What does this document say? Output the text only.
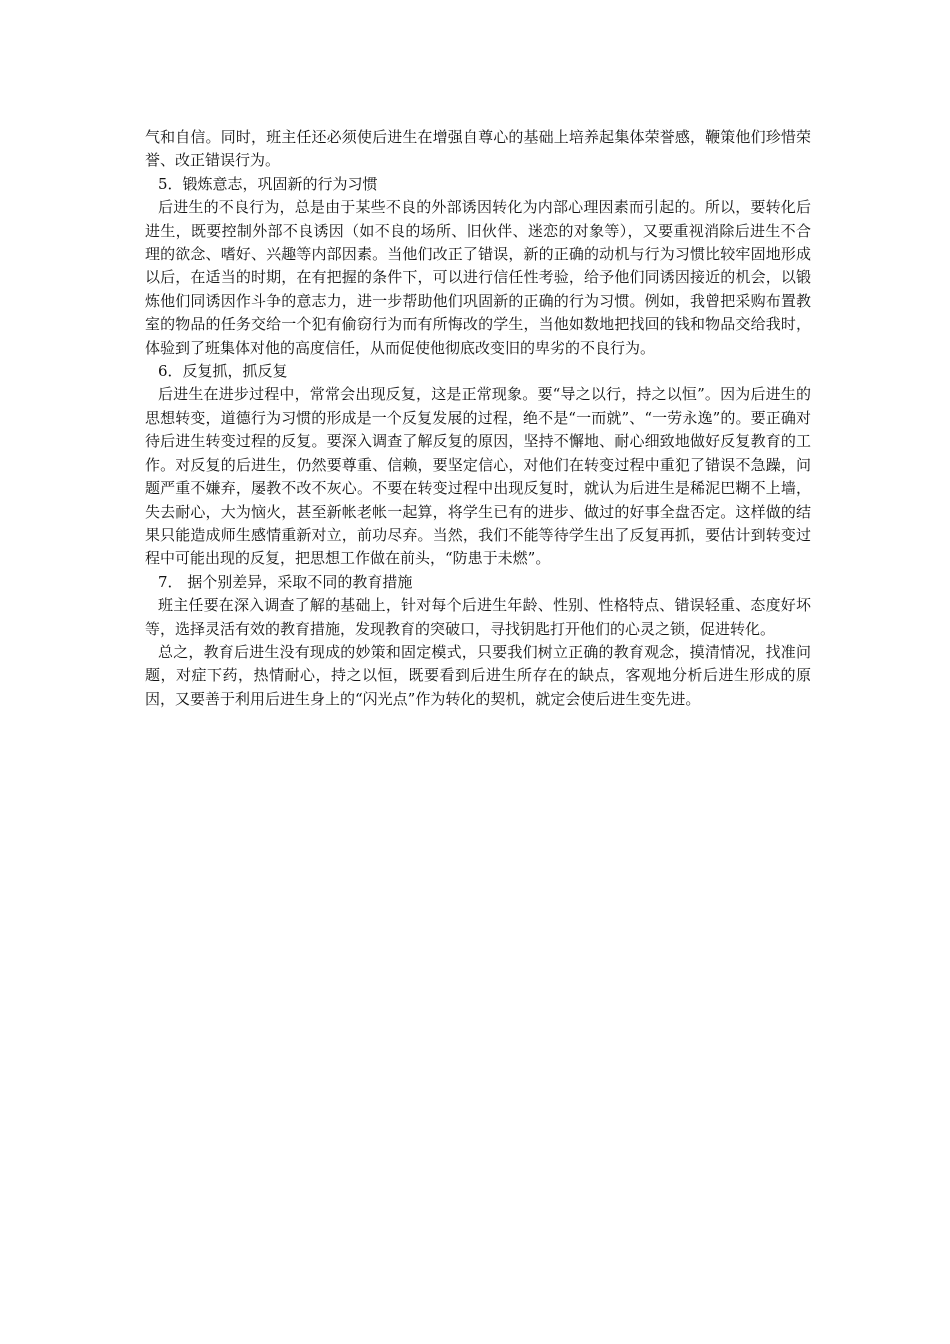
气和自信。同时，班主任还必须使后进生在增强自尊心的基础上培养起集体荣誉感，鞭策他们珍惜荣誉、改正错误行为。

5．锻炼意志，巩固新的行为习惯

后进生的不良行为，总是由于某些不良的外部诱因转化为内部心理因素而引起的。所以，要转化后进生，既要控制外部不良诱因（如不良的场所、旧伙伴、迷恋的对象等），又要重视消除后进生不合理的欲念、嗜好、兴趣等内部因素。当他们改正了错误，新的正确的动机与行为习惯比较牢固地形成以后，在适当的时期，在有把握的条件下，可以进行信任性考验，给予他们同诱因接近的机会，以锻炼他们同诱因作斗争的意志力，进一步帮助他们巩固新的正确的行为习惯。例如，我曾把采购布置教室的物品的任务交给一个犯有偷窃行为而有所悔改的学生，当他如数地把找回的钱和物品交给我时，体验到了班集体对他的高度信任，从而促使他彻底改变旧的卑劣的不良行为。

6．反复抓，抓反复

后进生在进步过程中，常常会出现反复，这是正常现象。要“导之以行，持之以恒”。因为后进生的思想转变，道德行为习惯的形成是一个反复发展的过程，绝不是“一而就”、“一劳永逸”的。要正确对待后进生转变过程的反复。要深入调查了解反复的原因，坚持不懈地、耐心细致地做好反复教育的工作。对反复的后进生，仍然要尊重、信赖，要坚定信心，对他们在转变过程中重犯了错误不急躁，问题严重不嫌弃，屡教不改不灰心。不要在转变过程中出现反复时，就认为后进生是稀泥巴糊不上墙，失去耐心，大为恼火，甚至新帐老帐一起算，将学生已有的进步、做过的好事全盘否定。这样做的结果只能造成师生感情重新对立，前功尽弃。当然，我们不能等待学生出了反复再抓，要估计到转变过程中可能出现的反复，把思想工作做在前头，“防患于未燃”。

7． 据个别差异，采取不同的教育措施

班主任要在深入调查了解的基础上，针对每个后进生年龄、性别、性格特点、错误轻重、态度好坏等，选择灵活有效的教育措施，发现教育的突破口，寻找钥匙打开他们的心灵之锁，促进转化。

总之，教育后进生没有现成的妙策和固定模式，只要我们树立正确的教育观念，摸清情况，找准问题，对症下药，热情耐心，持之以恒，既要看到后进生所存在的缺点，客观地分析后进生形成的原因，又要善于利用后进生身上的“闪光点”作为转化的契机，就定会使后进生变先进。
